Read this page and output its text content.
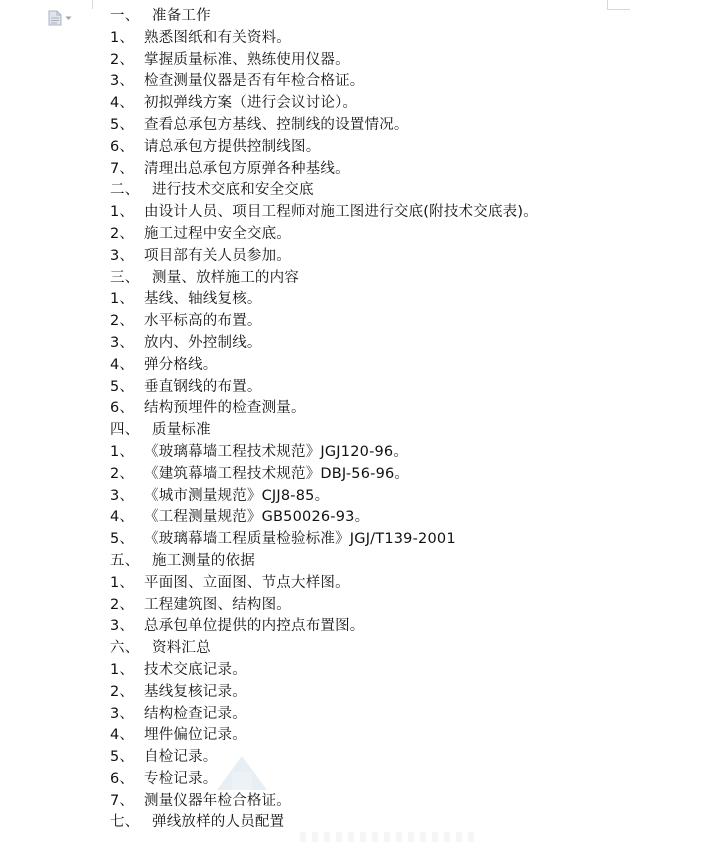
一、 准备工作
1、 熟悉图纸和有关资料。
2、 掌握质量标准、熟练使用仪器。
3、 检查测量仪器是否有年检合格证。
4、 初拟弹线方案（进行会议讨论）。
5、 查看总承包方基线、控制线的设置情况。
6、 请总承包方提供控制线图。
7、 清理出总承包方原弹各种基线。
二、 进行技术交底和安全交底
1、 由设计人员、项目工程师对施工图进行交底(附技术交底表)。
2、 施工过程中安全交底。
3、 项目部有关人员参加。
三、 测量、放样施工的内容
1、 基线、轴线复核。
2、 水平标高的布置。
3、 放内、外控制线。
4、 弹分格线。
5、 垂直钢线的布置。
6、 结构预埋件的检查测量。
四、 质量标准
1、 《玻璃幕墙工程技术规范》JGJ120-96。
2、 《建筑幕墙工程技术规范》DBJ-56-96。
3、 《城市测量规范》CJJ8-85。
4、 《工程测量规范》GB50026-93。
5、 《玻璃幕墙工程质量检验标准》JGJ/T139-2001
五、 施工测量的依据
1、 平面图、立面图、节点大样图。
2、 工程建筑图、结构图。
3、 总承包单位提供的内控点布置图。
六、 资料汇总
1、 技术交底记录。
2、 基线复核记录。
3、 结构检查记录。
4、 埋件偏位记录。
5、 自检记录。
6、 专检记录。
7、 测量仪器年检合格证。
七、 弹线放样的人员配置
